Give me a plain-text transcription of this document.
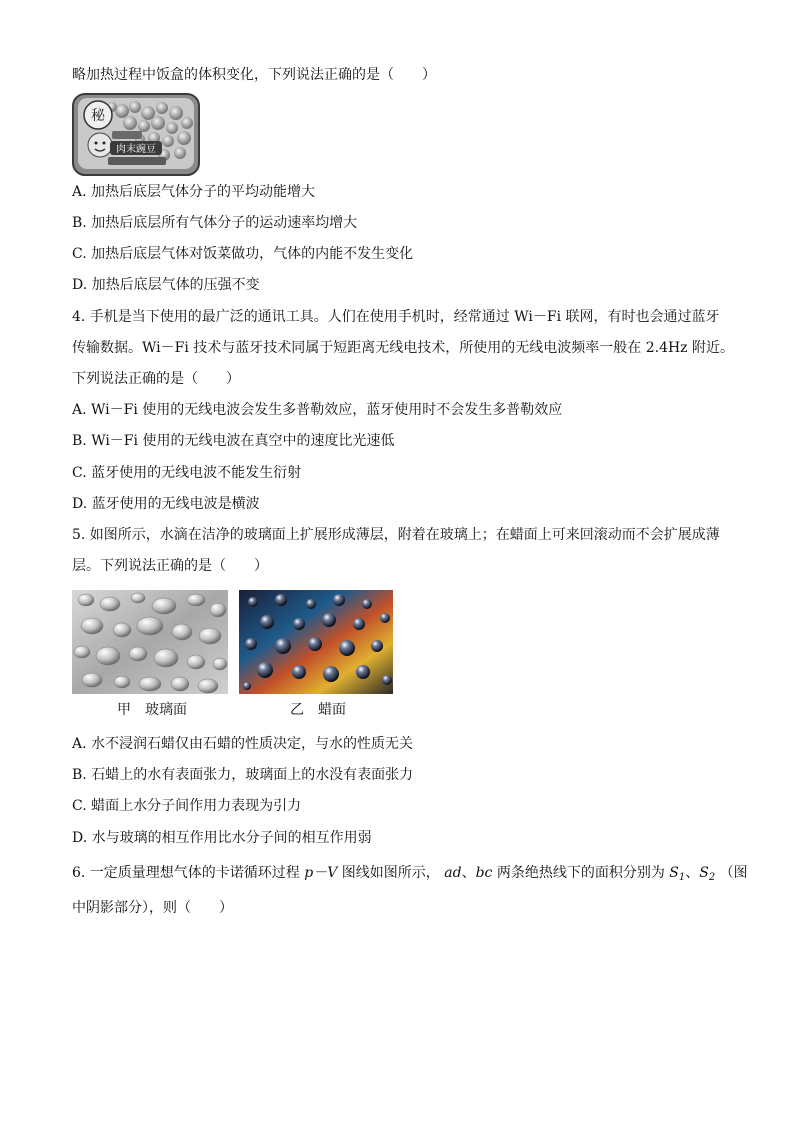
略加热过程中饭盒的体积变化，下列说法正确的是（　　）
秘
肉末豌豆
A. 加热后底层气体分子的平均动能增大
B. 加热后底层所有气体分子的运动速率均增大
C. 加热后底层气体对饭菜做功，气体的内能不发生变化
D. 加热后底层气体的压强不变
4. 手机是当下使用的最广泛的通讯工具。人们在使用手机时，经常通过 Wi－Fi 联网，有时也会通过蓝牙
传输数据。Wi－Fi 技术与蓝牙技术同属于短距离无线电技术，所使用的无线电波频率一般在 2.4Hz 附近。
下列说法正确的是（　　）
A. Wi－Fi 使用的无线电波会发生多普勒效应，蓝牙使用时不会发生多普勒效应
B. Wi－Fi 使用的无线电波在真空中的速度比光速低
C. 蓝牙使用的无线电波不能发生衍射
D. 蓝牙使用的无线电波是横波
5. 如图所示，水滴在洁净的玻璃面上扩展形成薄层，附着在玻璃上；在蜡面上可来回滚动而不会扩展成薄
层。下列说法正确的是（　　）
甲　玻璃面	乙　蜡面
A. 水不浸润石蜡仅由石蜡的性质决定，与水的性质无关
B. 石蜡上的水有表面张力，玻璃面上的水没有表面张力
C. 蜡面上水分子间作用力表现为引力
D. 水与玻璃的相互作用比水分子间的相互作用弱
6. 一定质量理想气体的卡诺循环过程 p－V 图线如图所示， ad、bc 两条绝热线下的面积分别为 $S_1$、$S_2$ （图
中阴影部分），则（　　）
